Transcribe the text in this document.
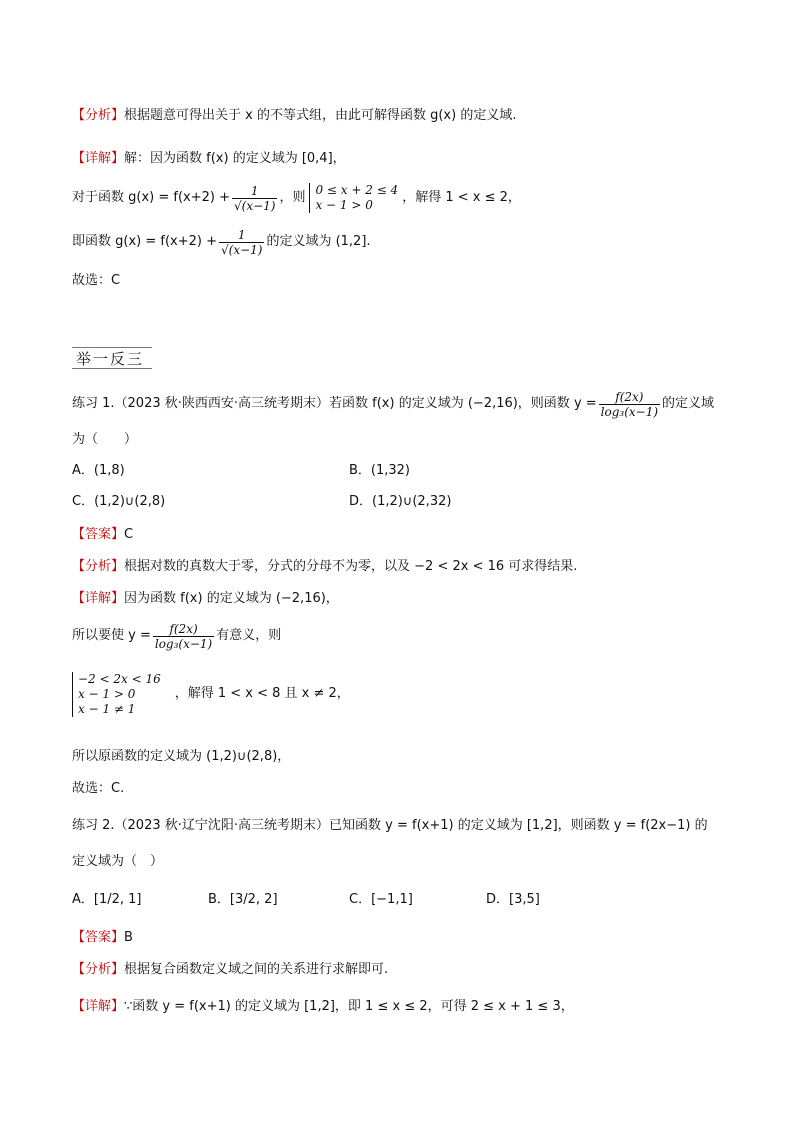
【分析】根据题意可得出关于 x 的不等式组，由此可解得函数 g(x) 的定义域.
【详解】解：因为函数 f(x) 的定义域为 [0,4]，
对于函数 $g(x) = f(x+2) + \frac{1}{√(x-1)}$ ，则 0 ≤ x + 2 ≤ 4
x − 1 > 0	，解得 1 < x ≤ 2，
即函数 $g(x) = f(x+2) + \frac{1}{√(x-1)}$ 的定义域为 (1,2].
故选：C
举一反三
练习 1.（2023 秋·陕西西安·高三统考期末）若函数 f(x) 的定义域为 (−2,16)，则函数 $y = \frac{f(2x)}{\text{log₃(x−1)}}$ 的定义域
为（　　）
A．(1,8)	B．(1,32)
C．(1,2)∪(2,8)	D．(1,2)∪(2,32)
【答案】C
【分析】根据对数的真数大于零，分式的分母不为零，以及 −2 < 2x < 16 可求得结果.
【详解】因为函数 f(x) 的定义域为 (−2,16)，
所以要使 $y = \frac{f(2x)}{\text{log₃(x−1)}}$ 有意义，则
−2 < 2x < 16
x − 1 > 0
x − 1 ≠ 1
，解得 1 < x < 8 且 x ≠ 2，
所以原函数的定义域为 (1,2)∪(2,8)，
故选：C.
练习 2.（2023 秋·辽宁沈阳·高三统考期末）已知函数 y = f(x+1) 的定义域为 [1,2]，则函数 y = f(2x−1) 的
定义域为（　）
A．[1/2, 1]	B．[3/2, 2]	C．[−1,1]	D．[3,5]
【答案】B
【分析】根据复合函数定义域之间的关系进行求解即可.
【详解】∵函数 y = f(x+1) 的定义域为 [1,2]，即 1 ≤ x ≤ 2，可得 2 ≤ x + 1 ≤ 3，
